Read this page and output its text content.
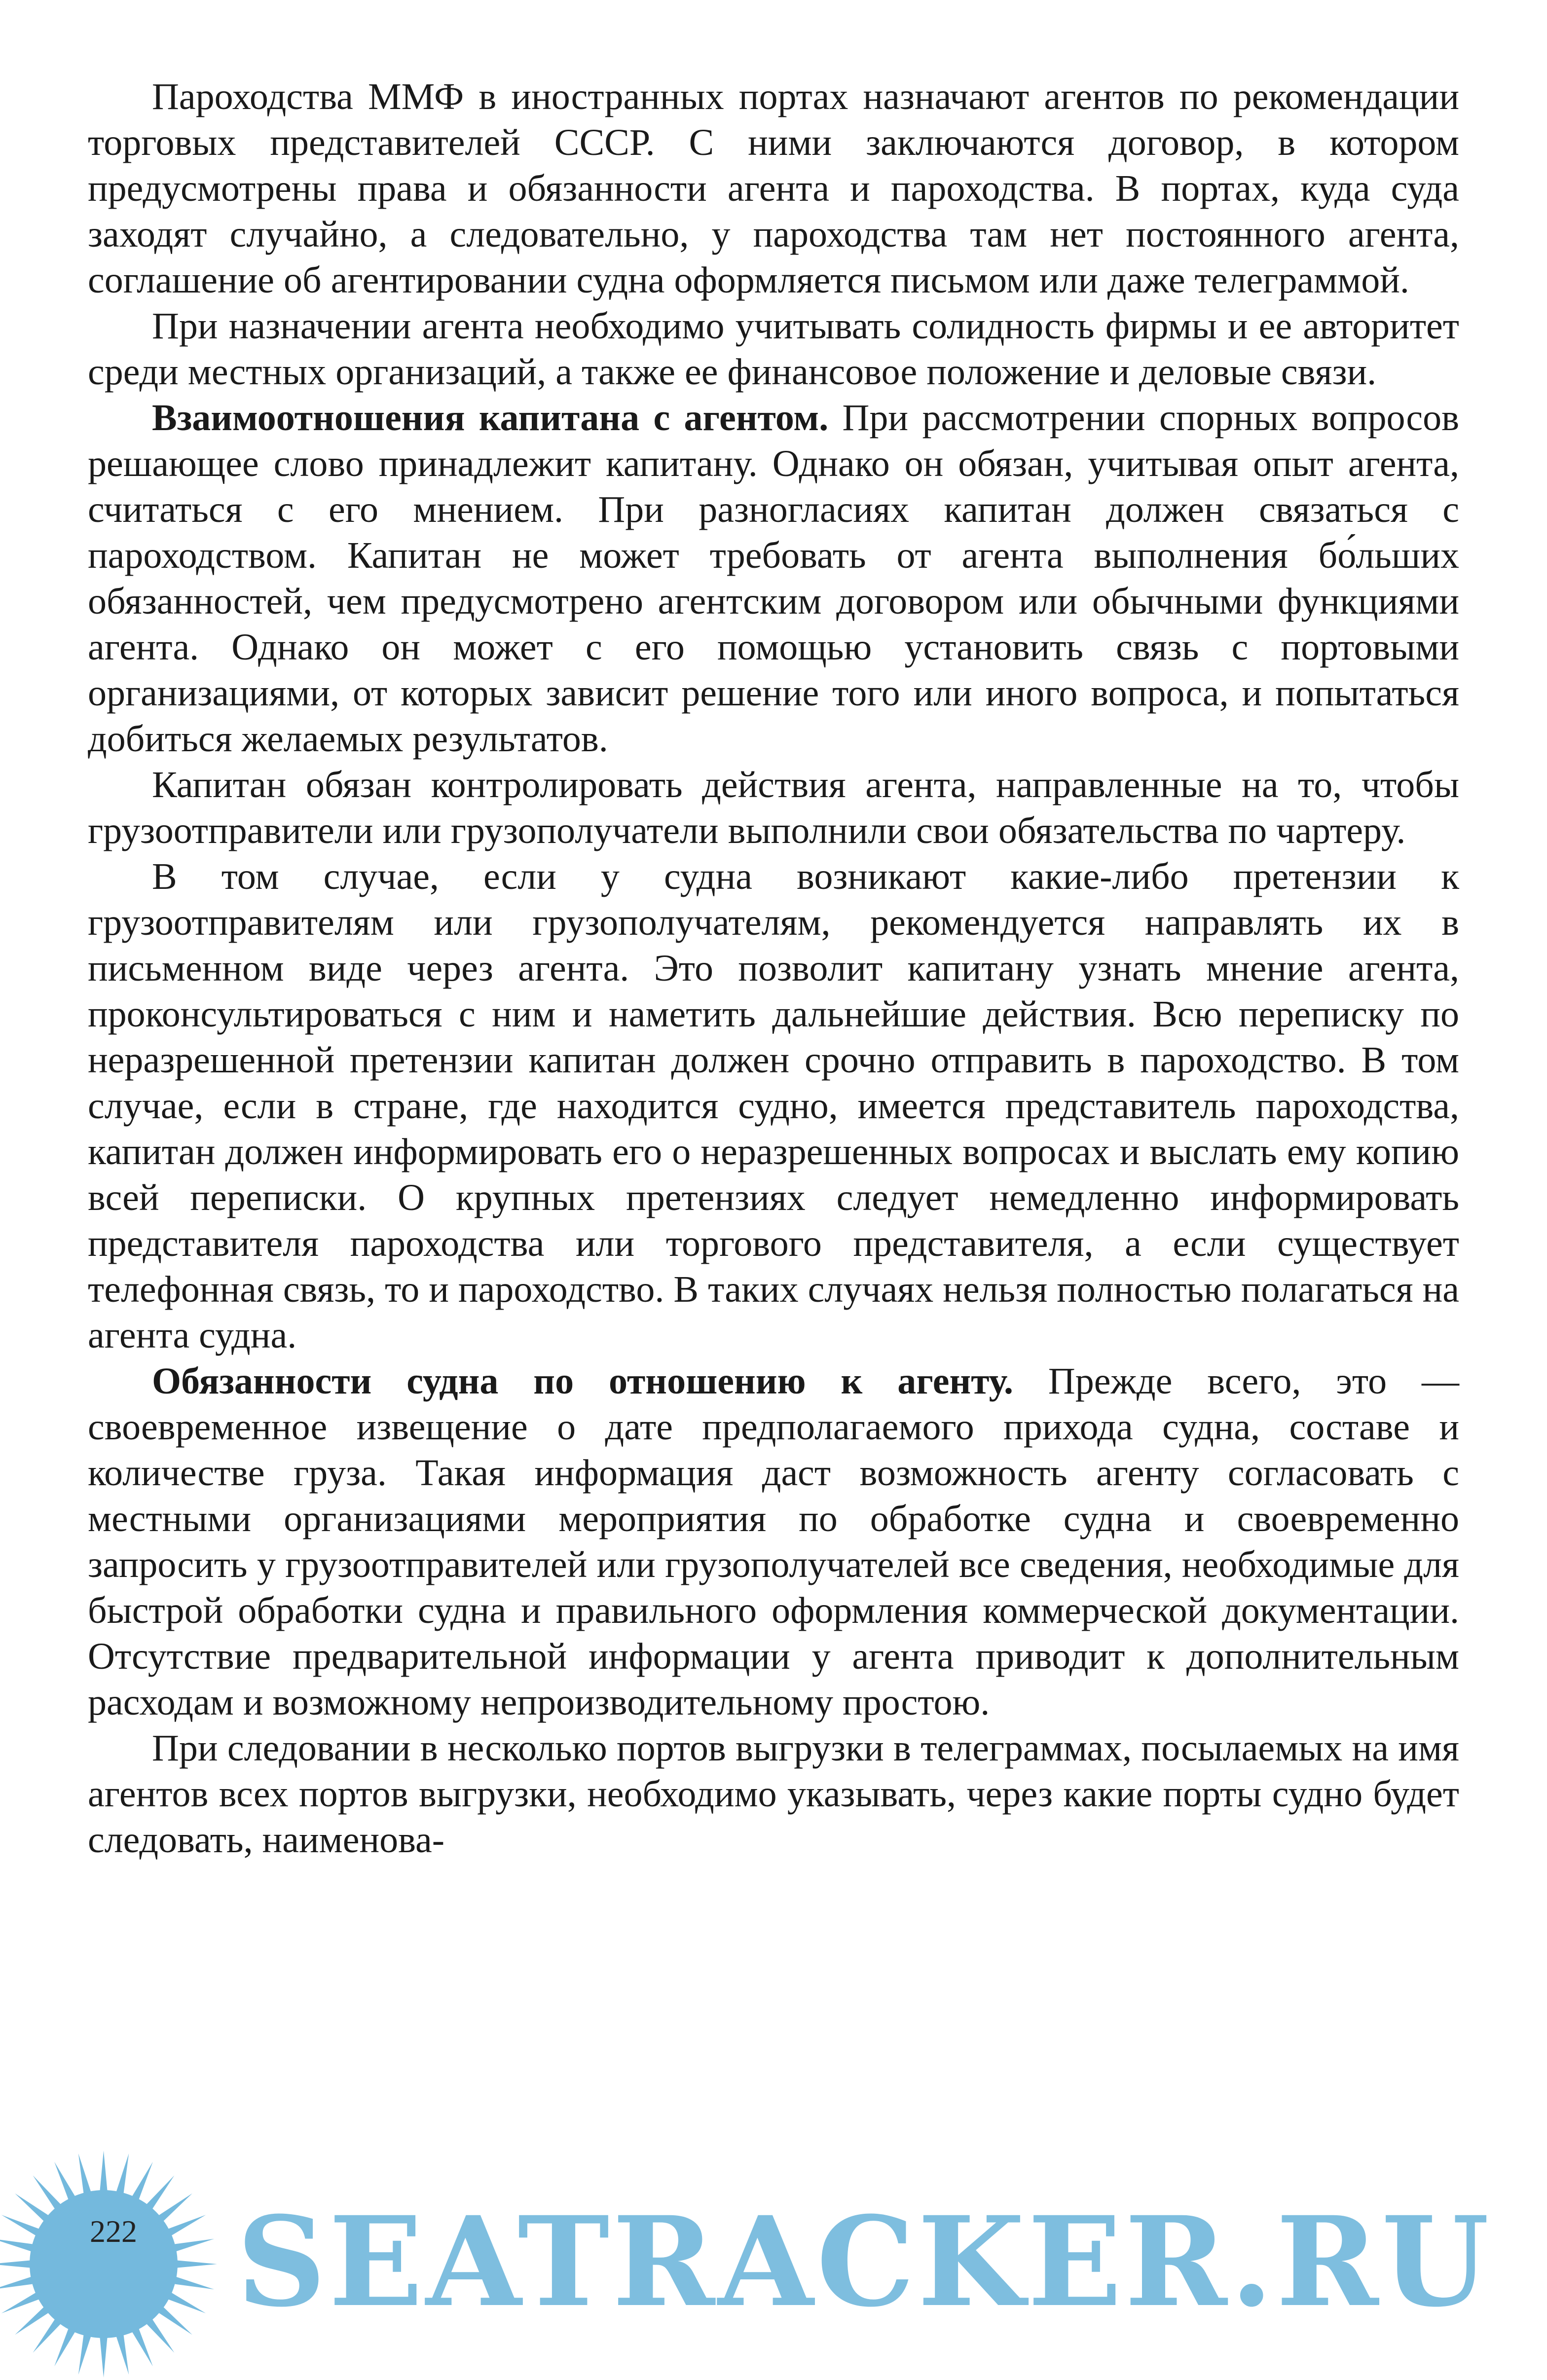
Пароходства ММФ в иностранных портах назначают агентов по рекомендации торговых представителей СССР. С ними заключаются договор, в котором предусмотрены права и обязанности агента и пароходства. В портах, куда суда заходят случайно, а следовательно, у пароходства там нет постоянного агента, соглашение об агентировании судна оформляется письмом или даже телеграммой.

При назначении агента необходимо учитывать солидность фирмы и ее авторитет среди местных организаций, а также ее финансовое положение и деловые связи.

Взаимоотношения капитана с агентом. При рассмотрении спорных вопросов решающее слово принадлежит капитану. Однако он обязан, учитывая опыт агента, считаться с его мнением. При разногласиях капитан должен связаться с пароходством. Капитан не может требовать от агента выполнения бо́льших обязанностей, чем предусмотрено агентским договором или обычными функциями агента. Однако он может с его помощью установить связь с портовыми организациями, от которых зависит решение того или иного вопроса, и попытаться добиться желаемых результатов.

Капитан обязан контролировать действия агента, направленные на то, чтобы грузоотправители или грузополучатели выполнили свои обязательства по чартеру.

В том случае, если у судна возникают какие-либо претензии к грузоотправителям или грузополучателям, рекомендуется направлять их в письменном виде через агента. Это позволит капитану узнать мнение агента, проконсультироваться с ним и наметить дальнейшие действия. Всю переписку по неразрешенной претензии капитан должен срочно отправить в пароходство. В том случае, если в стране, где находится судно, имеется представитель пароходства, капитан должен информировать его о неразрешенных вопросах и выслать ему копию всей переписки. О крупных претензиях следует немедленно информировать представителя пароходства или торгового представителя, а если существует телефонная связь, то и пароходство. В таких случаях нельзя полностью полагаться на агента судна.

Обязанности судна по отношению к агенту. Прежде всего, это — своевременное извещение о дате предполагаемого прихода судна, составе и количестве груза. Такая информация даст возможность агенту согласовать с местными организациями мероприятия по обработке судна и своевременно запросить у грузоотправителей или грузополучателей все сведения, необходимые для быстрой обработки судна и правильного оформления коммерческой документации. Отсутствие предварительной информации у агента приводит к дополнительным расходам и возможному непроизводительному простою.

При следовании в несколько портов выгрузки в телеграммах, посылаемых на имя агентов всех портов выгрузки, необходимо указывать, через какие порты судно будет следовать, наименова-

SEATRACKER.RU
222
